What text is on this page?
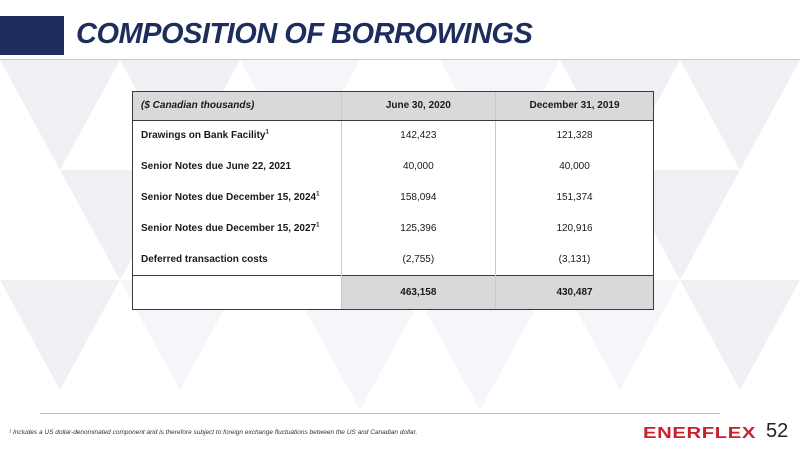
COMPOSITION OF BORROWINGS
($ Canadian thousands)	June 30, 2020	December 31, 2019
Drawings on Bank Facility$^1$	142,423	121,328
Senior Notes due June 22, 2021	40,000	40,000
Senior Notes due December 15, 2024$^1$	158,094	151,374
Senior Notes due December 15, 2027$^1$	125,396	120,916
Deferred transaction costs	(2,755)	(3,131)
	463,158	430,487

¹ Includes a US dollar-denominated component and is therefore subject to foreign exchange fluctuations between the US and Canadian dollar.	ENERFLEX 52
